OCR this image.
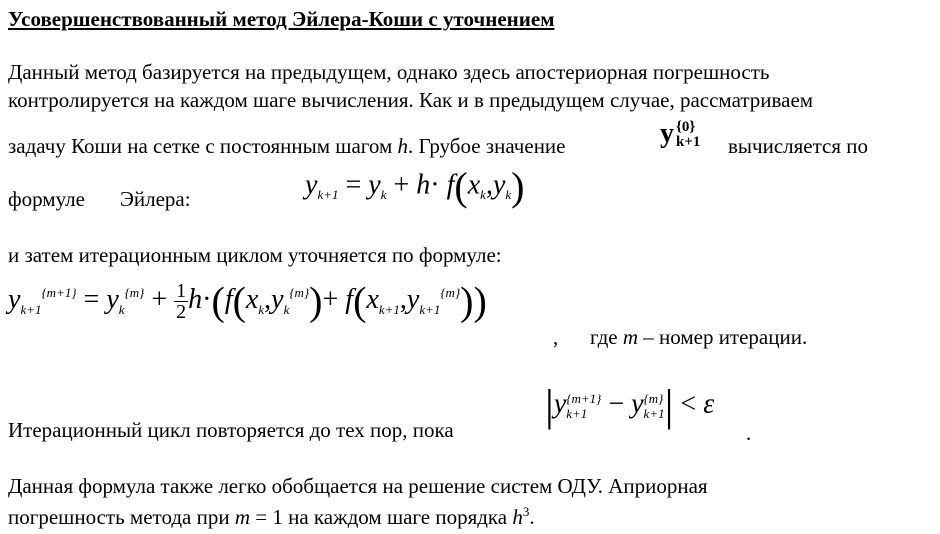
Усовершенствованный метод Эйлера-Коши с уточнением
Данный метод базируется на предыдущем, однако здесь апостериорная погрешность
контролируется на каждом шаге вычисления. Как и в предыдущем случае, рассматриваем
задачу Коши на сетке с постоянным шагом h. Грубое значение	y {0}
k+1 вычисляется по
формуле Эйлера:	$y_{k+1} = y_k + h\cdot f(x_k,y_k)$
и затем итерационным циклом уточняется по формуле:
$y_{k+1}^{\{m+1\}} = y_k^{\{m\}} + \frac{1}{2} h\cdot(f(x_k,y_k^{\{m\}})+ f(x_{k+1},y_{k+1}^{\{m\}}))$
, где m – номер итерации.
Итерационный цикл повторяется до тех пор, пока |y {m+1}
k+1 − y {m}
k+1 | < ε
.
Данная формула также легко обобщается на решение систем ОДУ. Априорная
погрешность метода при m = 1 на каждом шаге порядка $h^3$.
